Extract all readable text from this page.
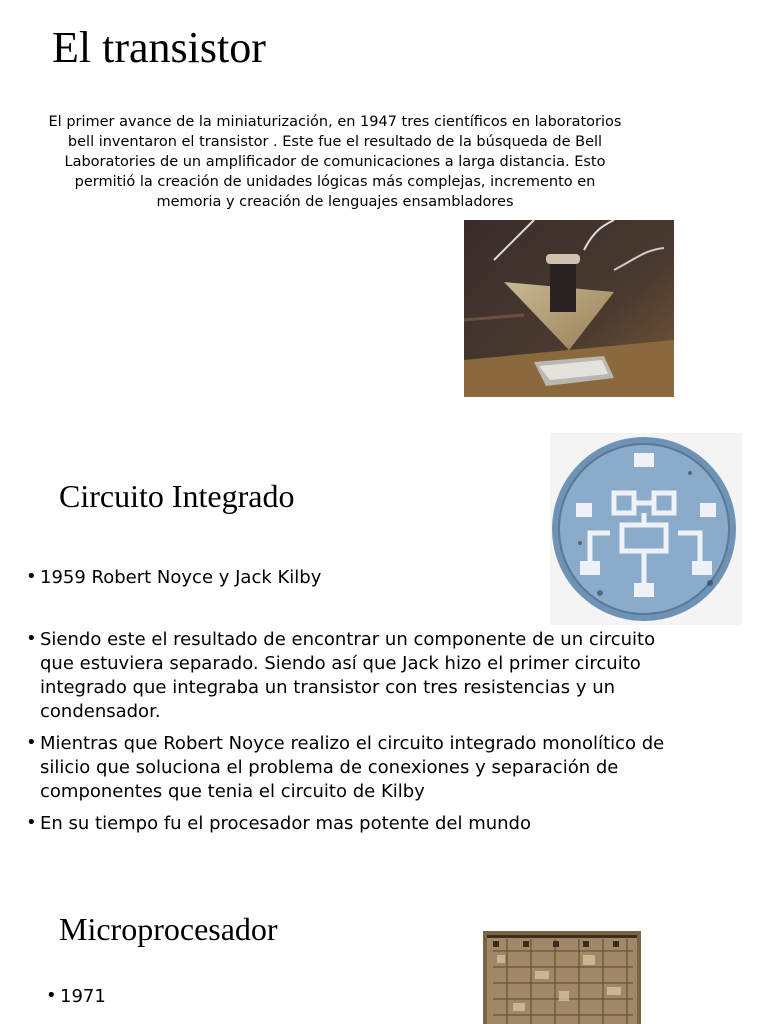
El transistor

El primer avance de la miniaturización, en 1947 tres científicos en laboratorios bell inventaron el transistor . Este fue el resultado de la búsqueda de Bell Laboratories de un amplificador de comunicaciones a larga distancia. Esto permitió la creación de unidades lógicas más complejas, incremento en memoria y creación de lenguajes ensambladores

Circuito Integrado
• 1959 Robert Noyce y Jack Kilby
• Siendo este el resultado de encontrar un componente de un circuito que estuviera separado. Siendo así que Jack hizo el primer circuito integrado que integraba un transistor con tres resistencias y un condensador.
• Mientras que Robert Noyce realizo el circuito integrado monolítico de silicio que soluciona el problema de conexiones y separación de componentes que tenia el circuito de Kilby
• En su tiempo fu el procesador mas potente del mundo
Microprocesador
• 1971
